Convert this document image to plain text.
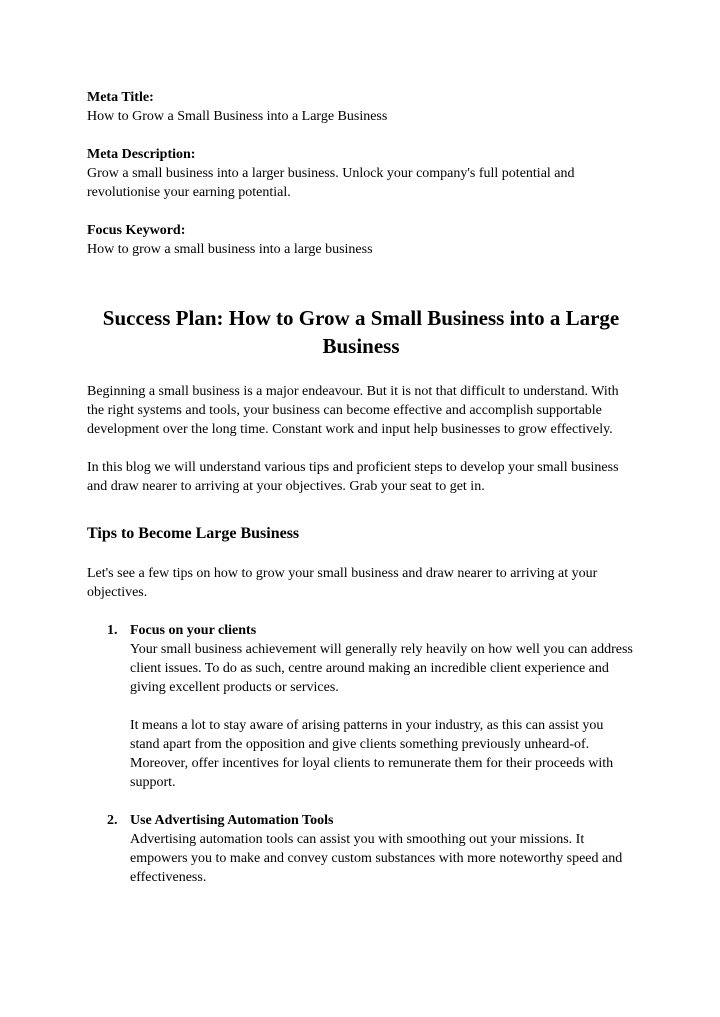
Meta Title:
How to Grow a Small Business into a Large Business
Meta Description:
Grow a small business into a larger business. Unlock your company's full potential and revolutionise your earning potential.
Focus Keyword:
How to grow a small business into a large business
Success Plan: How to Grow a Small Business into a Large Business

Beginning a small business is a major endeavour. But it is not that difficult to understand. With the right systems and tools, your business can become effective and accomplish supportable development over the long time. Constant work and input help businesses to grow effectively.

In this blog we will understand various tips and proficient steps to develop your small business and draw nearer to arriving at your objectives. Grab your seat to get in.

Tips to Become Large Business

Let's see a few tips on how to grow your small business and draw nearer to arriving at your objectives.

1. Focus on your clients
Your small business achievement will generally rely heavily on how well you can address client issues. To do as such, centre around making an incredible client experience and giving excellent products or services.
It means a lot to stay aware of arising patterns in your industry, as this can assist you stand apart from the opposition and give clients something previously unheard-of. Moreover, offer incentives for loyal clients to remunerate them for their proceeds with support.
2. Use Advertising Automation Tools
Advertising automation tools can assist you with smoothing out your missions. It empowers you to make and convey custom substances with more noteworthy speed and effectiveness.
